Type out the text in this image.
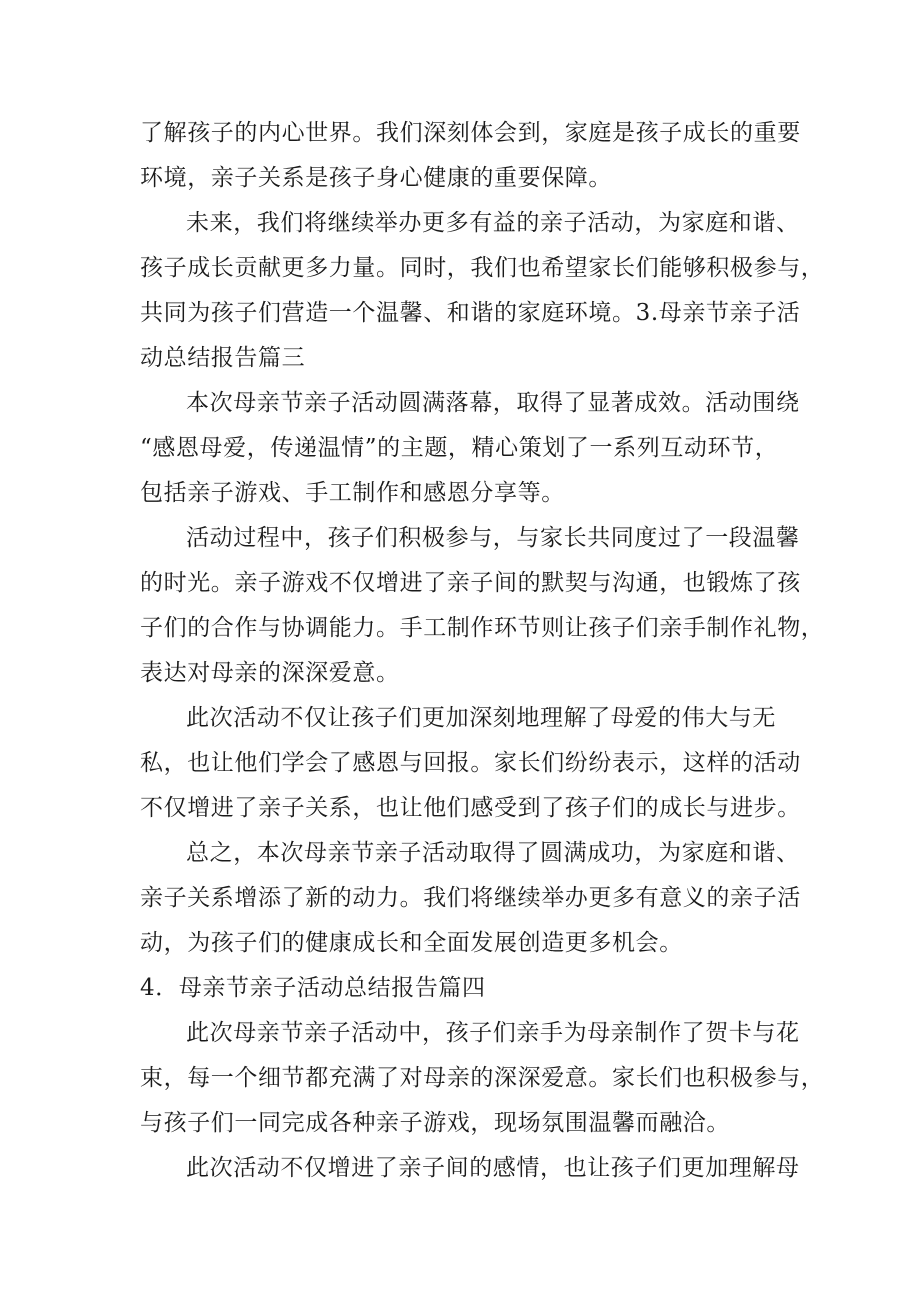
了解孩子的内心世界。我们深刻体会到，家庭是孩子成长的重要
环境，亲子关系是孩子身心健康的重要保障。
未来，我们将继续举办更多有益的亲子活动，为家庭和谐、
孩子成长贡献更多力量。同时，我们也希望家长们能够积极参与，
共同为孩子们营造一个温馨、和谐的家庭环境。3.母亲节亲子活
动总结报告篇三
本次母亲节亲子活动圆满落幕，取得了显著成效。活动围绕
“感恩母爱，传递温情”的主题，精心策划了一系列互动环节，
包括亲子游戏、手工制作和感恩分享等。
活动过程中，孩子们积极参与，与家长共同度过了一段温馨
的时光。亲子游戏不仅增进了亲子间的默契与沟通，也锻炼了孩
子们的合作与协调能力。手工制作环节则让孩子们亲手制作礼物，
表达对母亲的深深爱意。
此次活动不仅让孩子们更加深刻地理解了母爱的伟大与无
私，也让他们学会了感恩与回报。家长们纷纷表示，这样的活动
不仅增进了亲子关系，也让他们感受到了孩子们的成长与进步。
总之，本次母亲节亲子活动取得了圆满成功，为家庭和谐、
亲子关系增添了新的动力。我们将继续举办更多有意义的亲子活
动，为孩子们的健康成长和全面发展创造更多机会。
4．母亲节亲子活动总结报告篇四
此次母亲节亲子活动中，孩子们亲手为母亲制作了贺卡与花
束，每一个细节都充满了对母亲的深深爱意。家长们也积极参与，
与孩子们一同完成各种亲子游戏，现场氛围温馨而融洽。
此次活动不仅增进了亲子间的感情，也让孩子们更加理解母
